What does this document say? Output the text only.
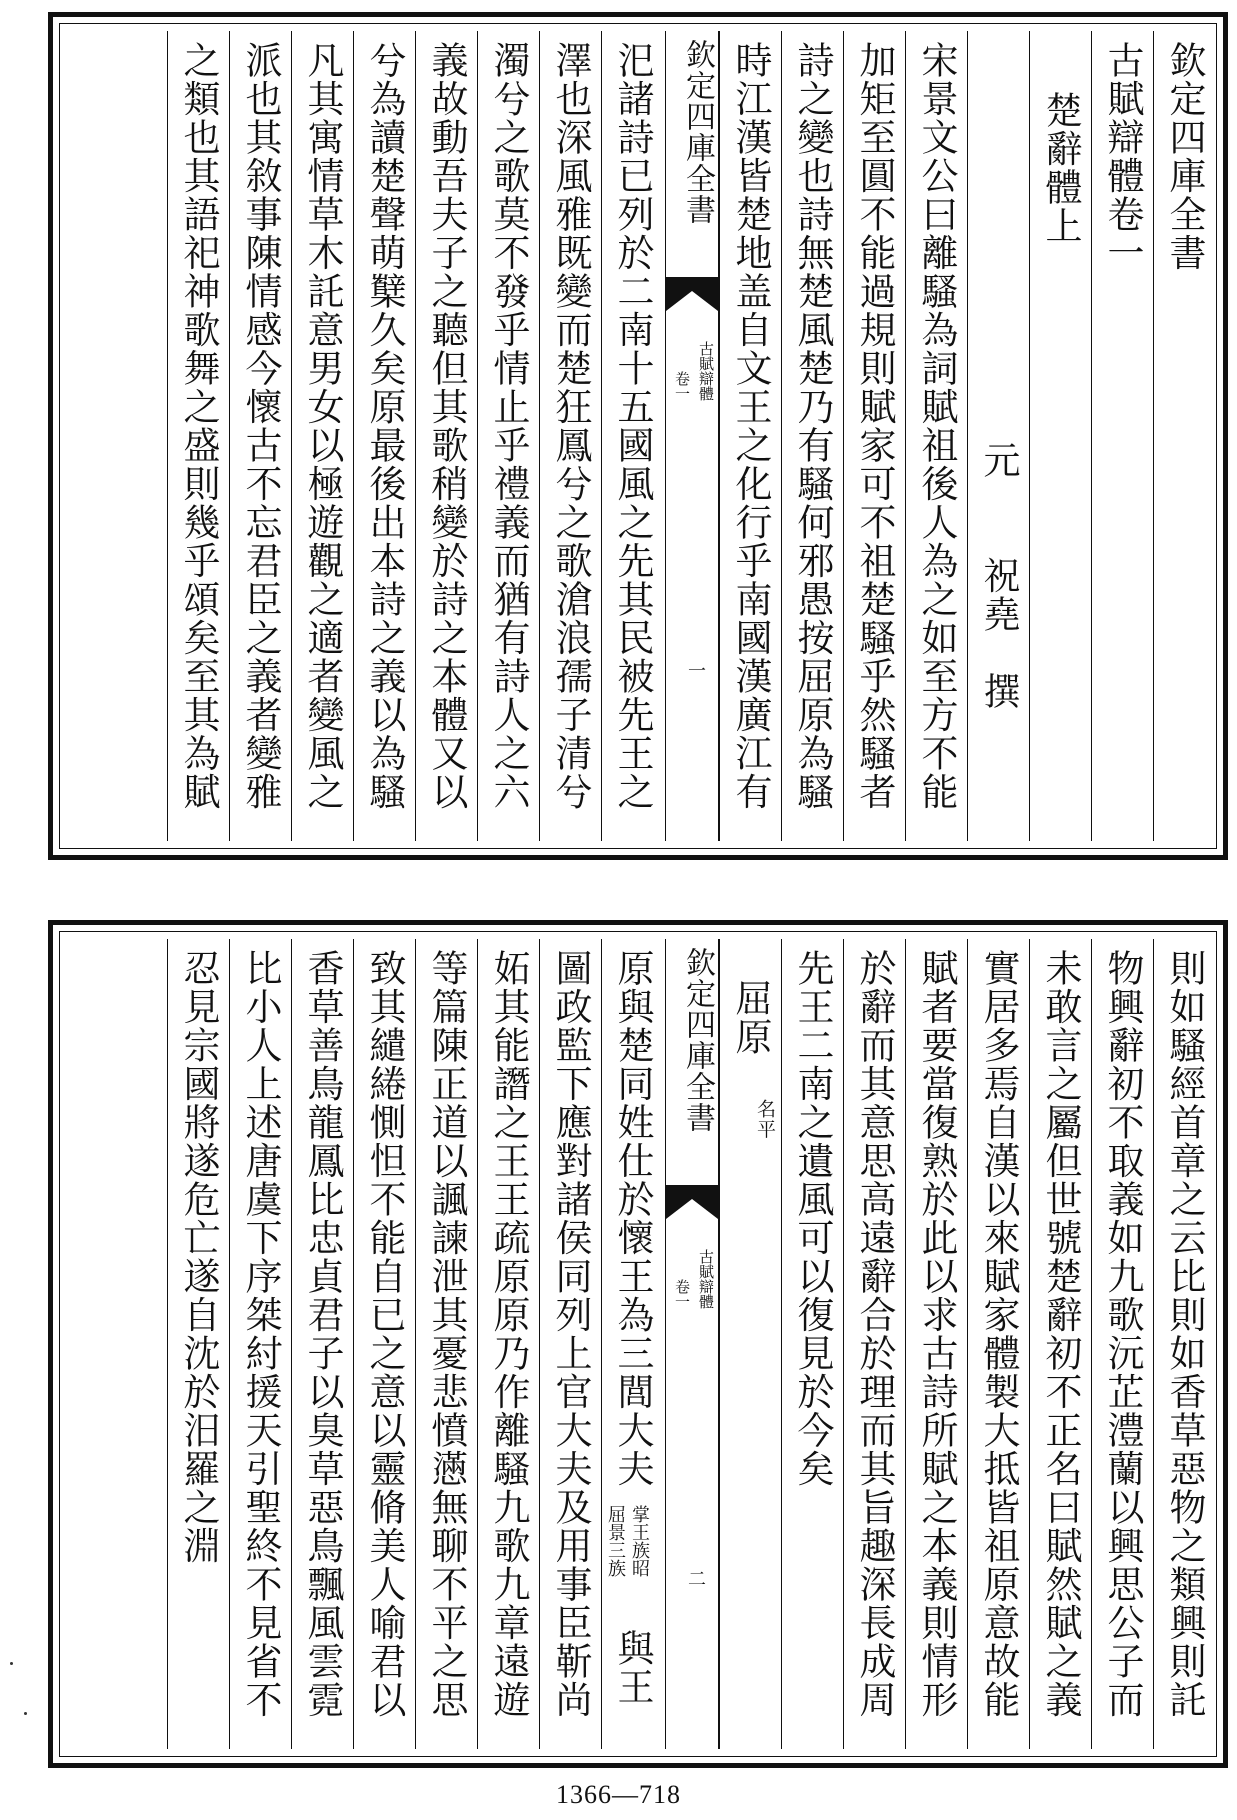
欽定四庫全書
古賦辯體卷一
楚辭體上
元　　祝堯　撰
宋景文公曰離騷為詞賦祖後人為之如至方不能
加矩至圓不能過規則賦家可不祖楚騷乎然騷者
詩之變也詩無楚風楚乃有騷何邪愚按屈原為騷
時江漢皆楚地盖自文王之化行乎南國漢廣江有
欽定四庫全書
古賦辯體

卷一
一
汜諸詩已列於二南十五國風之先其民被先王之
澤也深風雅既變而楚狂鳳兮之歌滄浪孺子清兮
濁兮之歌莫不發乎情止乎禮義而猶有詩人之六
義故動吾夫子之聽但其歌稍變於詩之本體又以
兮為讀楚聲萌櫱久矣原最後出本詩之義以為騷
凡其寓情草木託意男女以極遊觀之適者變風之
派也其敘事陳情感今懷古不忘君臣之義者變雅
之類也其語祀神歌舞之盛則幾乎頌矣至其為賦
則如騷經首章之云比則如香草惡物之類興則託
物興辭初不取義如九歌沅芷澧蘭以興思公子而
未敢言之屬但世號楚辭初不正名曰賦然賦之義
實居多焉自漢以來賦家體製大抵皆祖原意故能
賦者要當復熟於此以求古詩所賦之本義則情形
於辭而其意思高遠辭合於理而其旨趣深長成周
先王二南之遺風可以復見於今矣
屈原
名平
欽定四庫全書
古賦辯體
卷一
二
原與楚同姓仕於懷王為三閭大夫
掌王族昭
屈景三族
與王
圖政監下應對諸侯同列上官大夫及用事臣靳尚
妬其能譖之王王疏原原乃作離騷九歌九章遠遊
等篇陳正道以諷諫泄其憂悲憤懣無聊不平之思
致其繾綣惻怛不能自已之意以靈脩美人喻君以
香草善鳥龍鳳比忠貞君子以臭草惡鳥飄風雲霓
比小人上述唐虞下序桀紂援天引聖終不見省不
忍見宗國將遂危亡遂自沈於汨羅之淵
1366—718
